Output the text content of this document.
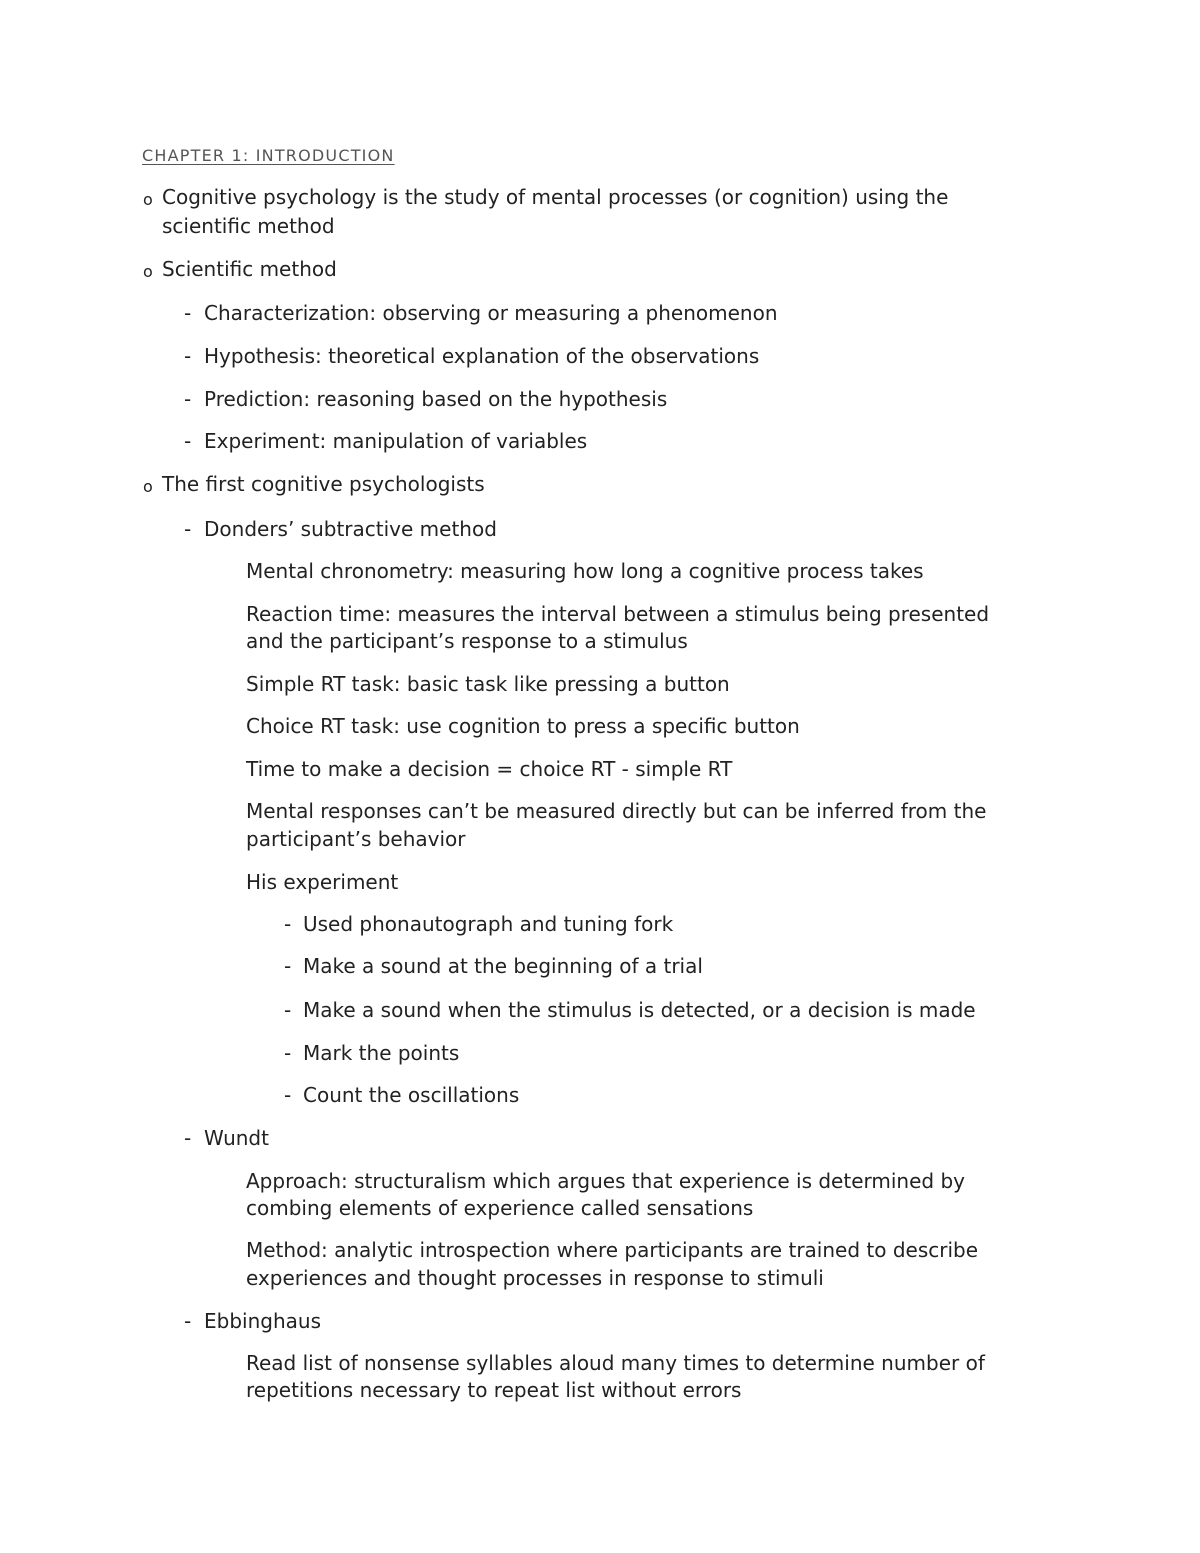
CHAPTER 1: INTRODUCTION
o Cognitive psychology is the study of mental processes (or cognition) using the
scientific method
o Scientific method
- Characterization: observing or measuring a phenomenon
- Hypothesis: theoretical explanation of the observations
- Prediction: reasoning based on the hypothesis
- Experiment: manipulation of variables
o The first cognitive psychologists
- Donders’ subtractive method
Mental chronometry: measuring how long a cognitive process takes
Reaction time: measures the interval between a stimulus being presented
and the participant’s response to a stimulus
Simple RT task: basic task like pressing a button
Choice RT task: use cognition to press a specific button
Time to make a decision = choice RT - simple RT
Mental responses can’t be measured directly but can be inferred from the
participant’s behavior
His experiment
- Used phonautograph and tuning fork
- Make a sound at the beginning of a trial
- Make a sound when the stimulus is detected, or a decision is made
- Mark the points
- Count the oscillations
- Wundt
Approach: structuralism which argues that experience is determined by
combing elements of experience called sensations
Method: analytic introspection where participants are trained to describe
experiences and thought processes in response to stimuli
- Ebbinghaus
Read list of nonsense syllables aloud many times to determine number of
repetitions necessary to repeat list without errors
